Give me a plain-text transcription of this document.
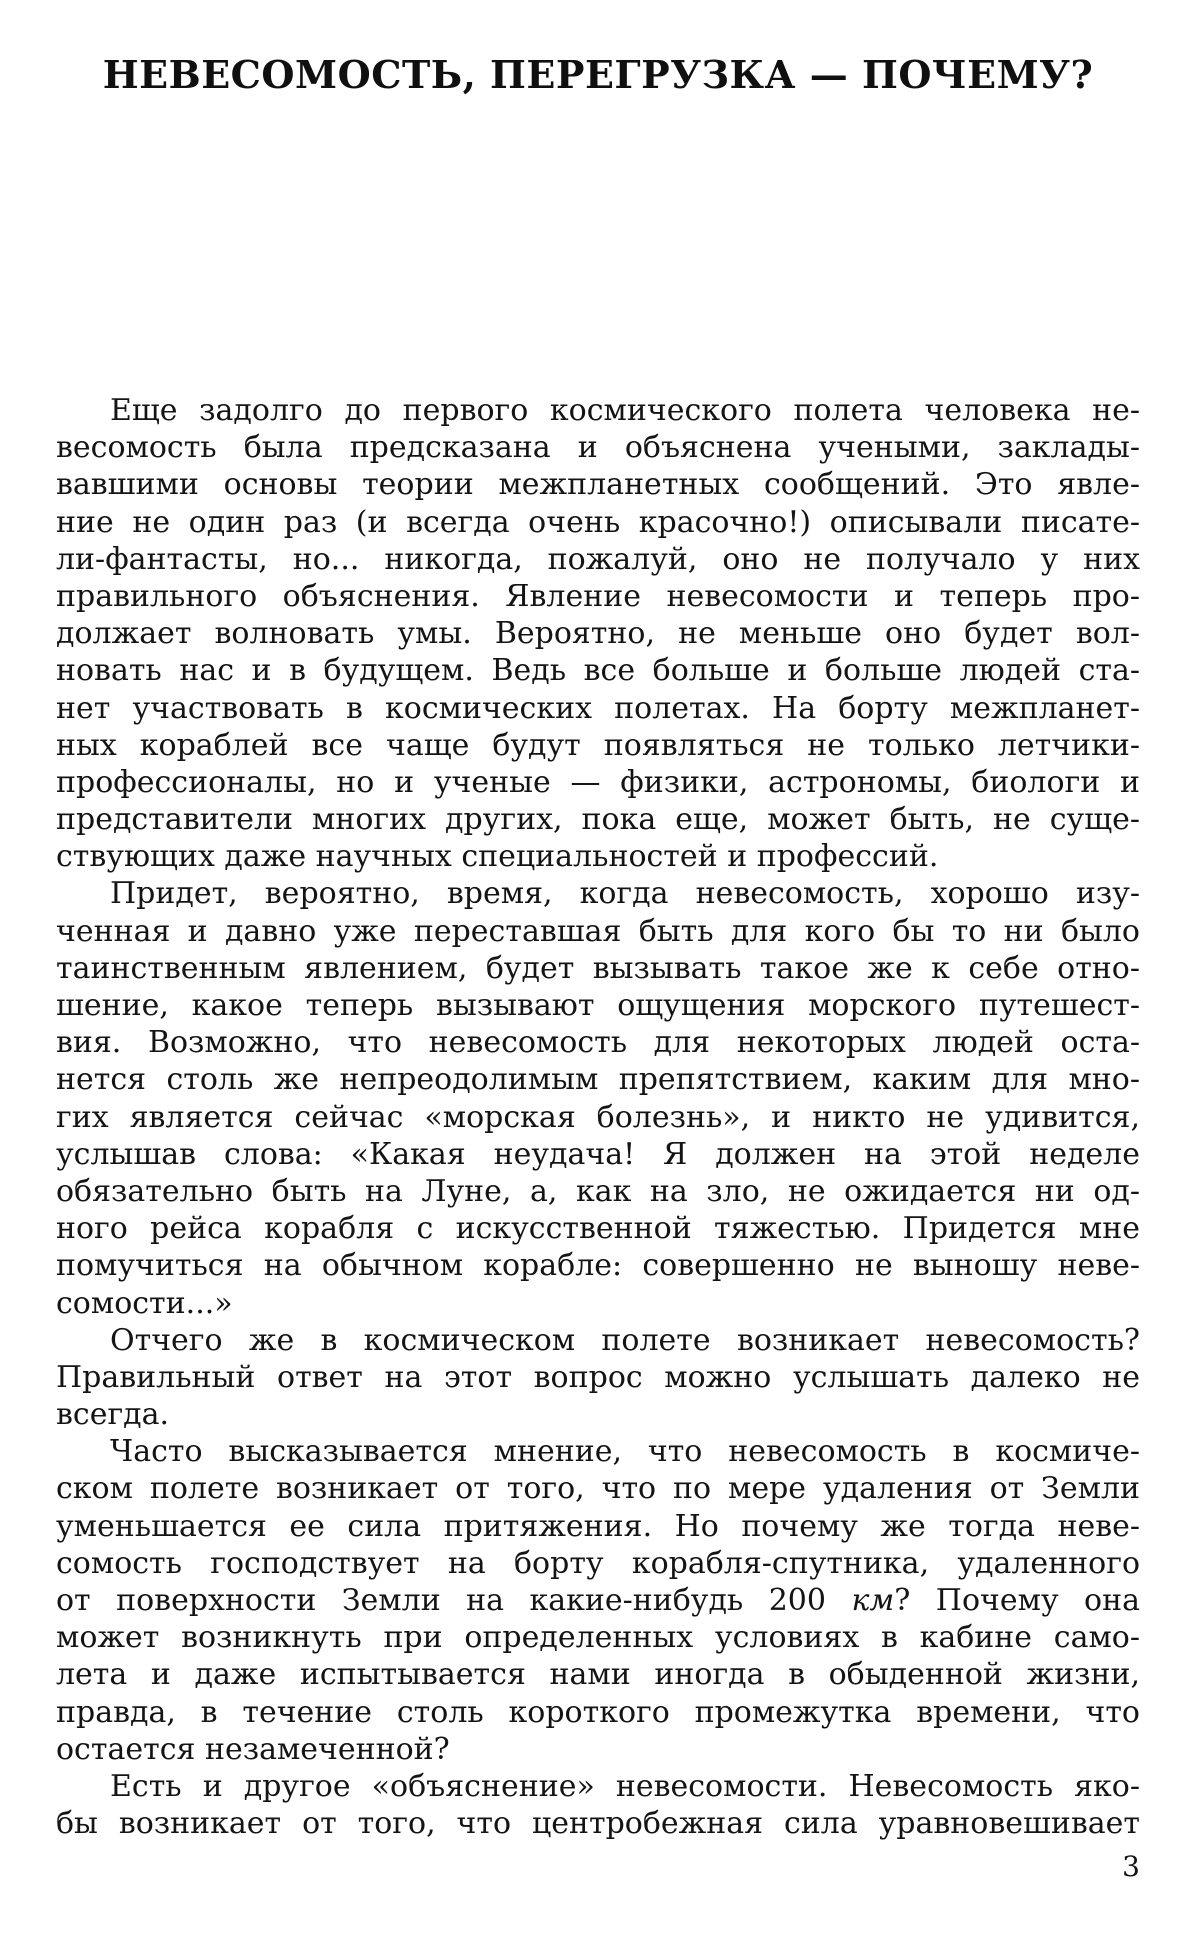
НЕВЕСОМОСТЬ, ПЕРЕГРУЗКА — ПОЧЕМУ?
Еще задолго до первого космического полета человека не-
весомость была предсказана и объяснена учеными, заклады-
вавшими основы теории межпланетных сообщений. Это явле-
ние не один раз (и всегда очень красочно!) описывали писате-
ли-фантасты, но... никогда, пожалуй, оно не получало у них
правильного объяснения. Явление невесомости и теперь про-
должает волновать умы. Вероятно, не меньше оно будет вол-
новать нас и в будущем. Ведь все больше и больше людей ста-
нет участвовать в космических полетах. На борту межпланет-
ных кораблей все чаще будут появляться не только летчики-
профессионалы, но и ученые — физики, астрономы, биологи и
представители многих других, пока еще, может быть, не суще-
ствующих даже научных специальностей и профессий.
Придет, вероятно, время, когда невесомость, хорошо изу-
ченная и давно уже переставшая быть для кого бы то ни было
таинственным явлением, будет вызывать такое же к себе отно-
шение, какое теперь вызывают ощущения морского путешест-
вия. Возможно, что невесомость для некоторых людей оста-
нется столь же непреодолимым препятствием, каким для мно-
гих является сейчас «морская болезнь», и никто не удивится,
услышав слова: «Какая неудача! Я должен на этой неделе
обязательно быть на Луне, а, как на зло, не ожидается ни од-
ного рейса корабля с искусственной тяжестью. Придется мне
помучиться на обычном корабле: совершенно не выношу неве-
сомости...»
Отчего же в космическом полете возникает невесомость?
Правильный ответ на этот вопрос можно услышать далеко не
всегда.
Часто высказывается мнение, что невесомость в космиче-
ском полете возникает от того, что по мере удаления от Земли
уменьшается ее сила притяжения. Но почему же тогда неве-
сомость господствует на борту корабля-спутника, удаленного
от поверхности Земли на какие-нибудь 200 км? Почему она
может возникнуть при определенных условиях в кабине само-
лета и даже испытывается нами иногда в обыденной жизни,
правда, в течение столь короткого промежутка времени, что
остается незамеченной?
Есть и другое «объяснение» невесомости. Невесомость яко-
бы возникает от того, что центробежная сила уравновешивает
3
